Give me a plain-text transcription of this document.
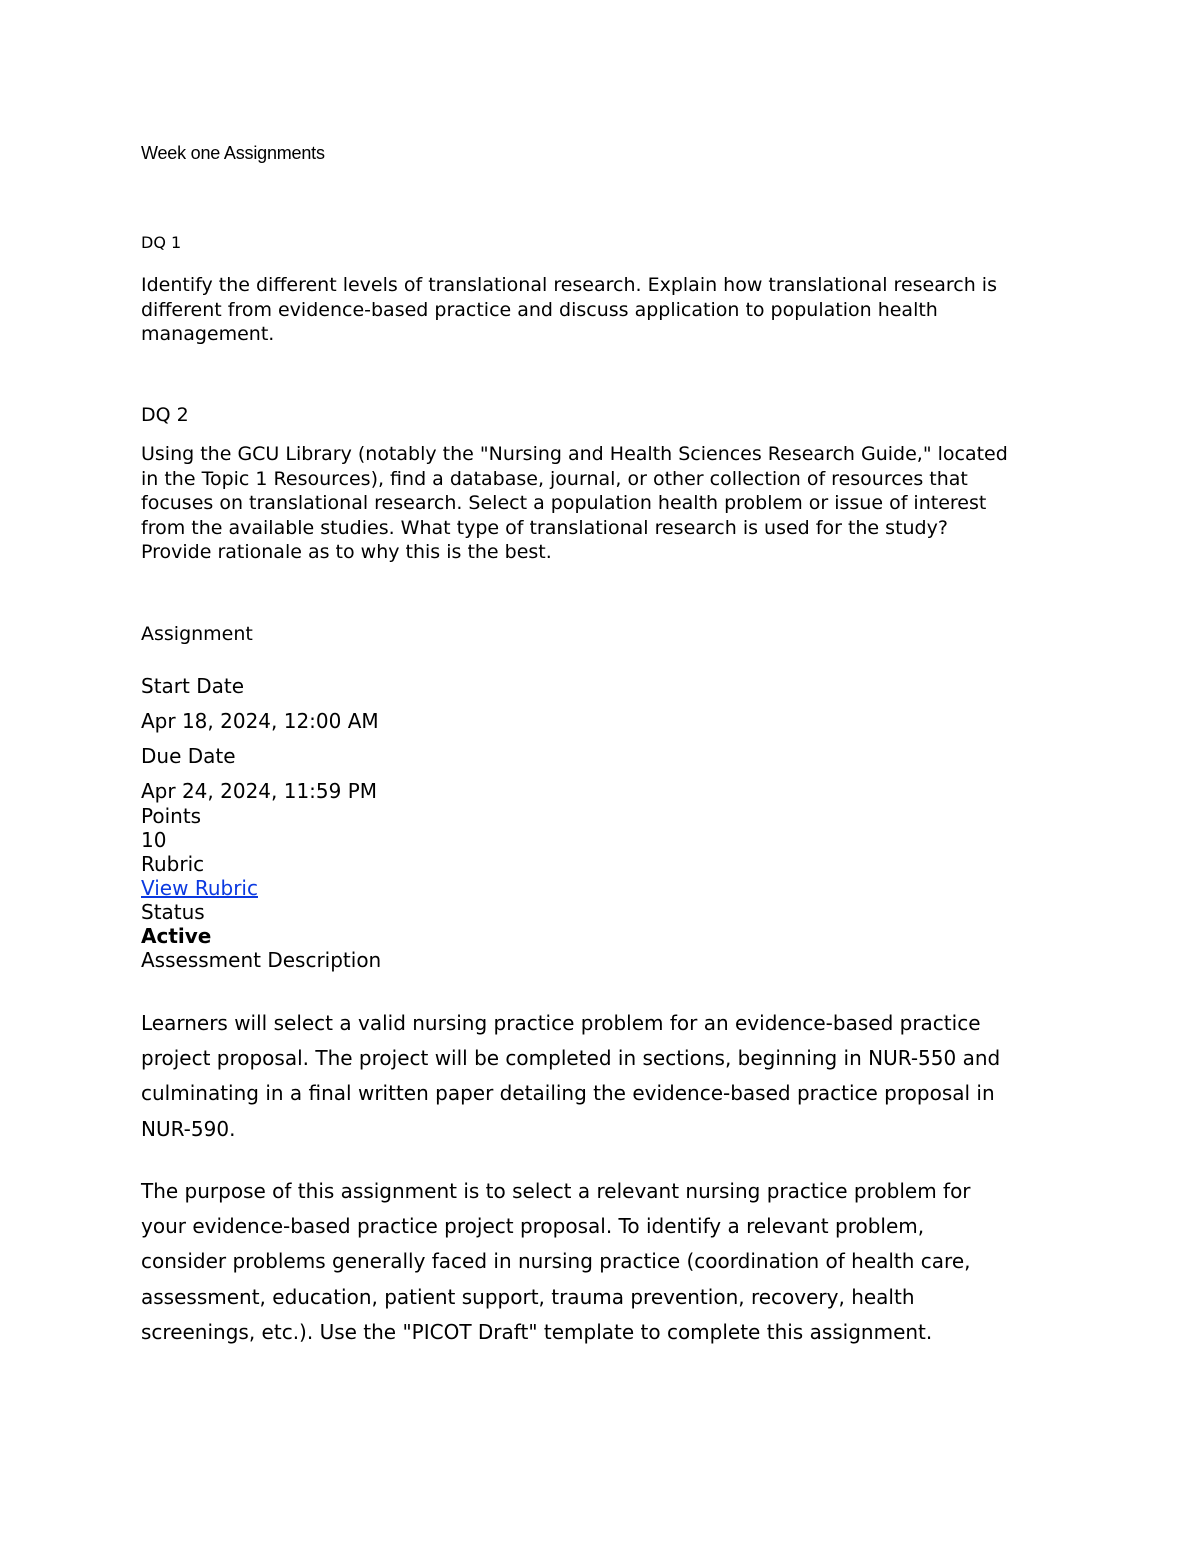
Week one Assignments
DQ 1
Identify the different levels of translational research. Explain how translational research is
different from evidence-based practice and discuss application to population health
management.
DQ 2
Using the GCU Library (notably the "Nursing and Health Sciences Research Guide," located
in the Topic 1 Resources), find a database, journal, or other collection of resources that
focuses on translational research. Select a population health problem or issue of interest
from the available studies. What type of translational research is used for the study?
Provide rationale as to why this is the best.
Assignment
Start Date
Apr 18, 2024, 12:00 AM
Due Date
Apr 24, 2024, 11:59 PM
Points
10
Rubric
View Rubric
Status
Active
Assessment Description
Learners will select a valid nursing practice problem for an evidence-based practice
project proposal. The project will be completed in sections, beginning in NUR-550 and
culminating in a final written paper detailing the evidence-based practice proposal in
NUR-590.
The purpose of this assignment is to select a relevant nursing practice problem for
your evidence-based practice project proposal. To identify a relevant problem,
consider problems generally faced in nursing practice (coordination of health care,
assessment, education, patient support, trauma prevention, recovery, health
screenings, etc.). Use the "PICOT Draft" template to complete this assignment.
